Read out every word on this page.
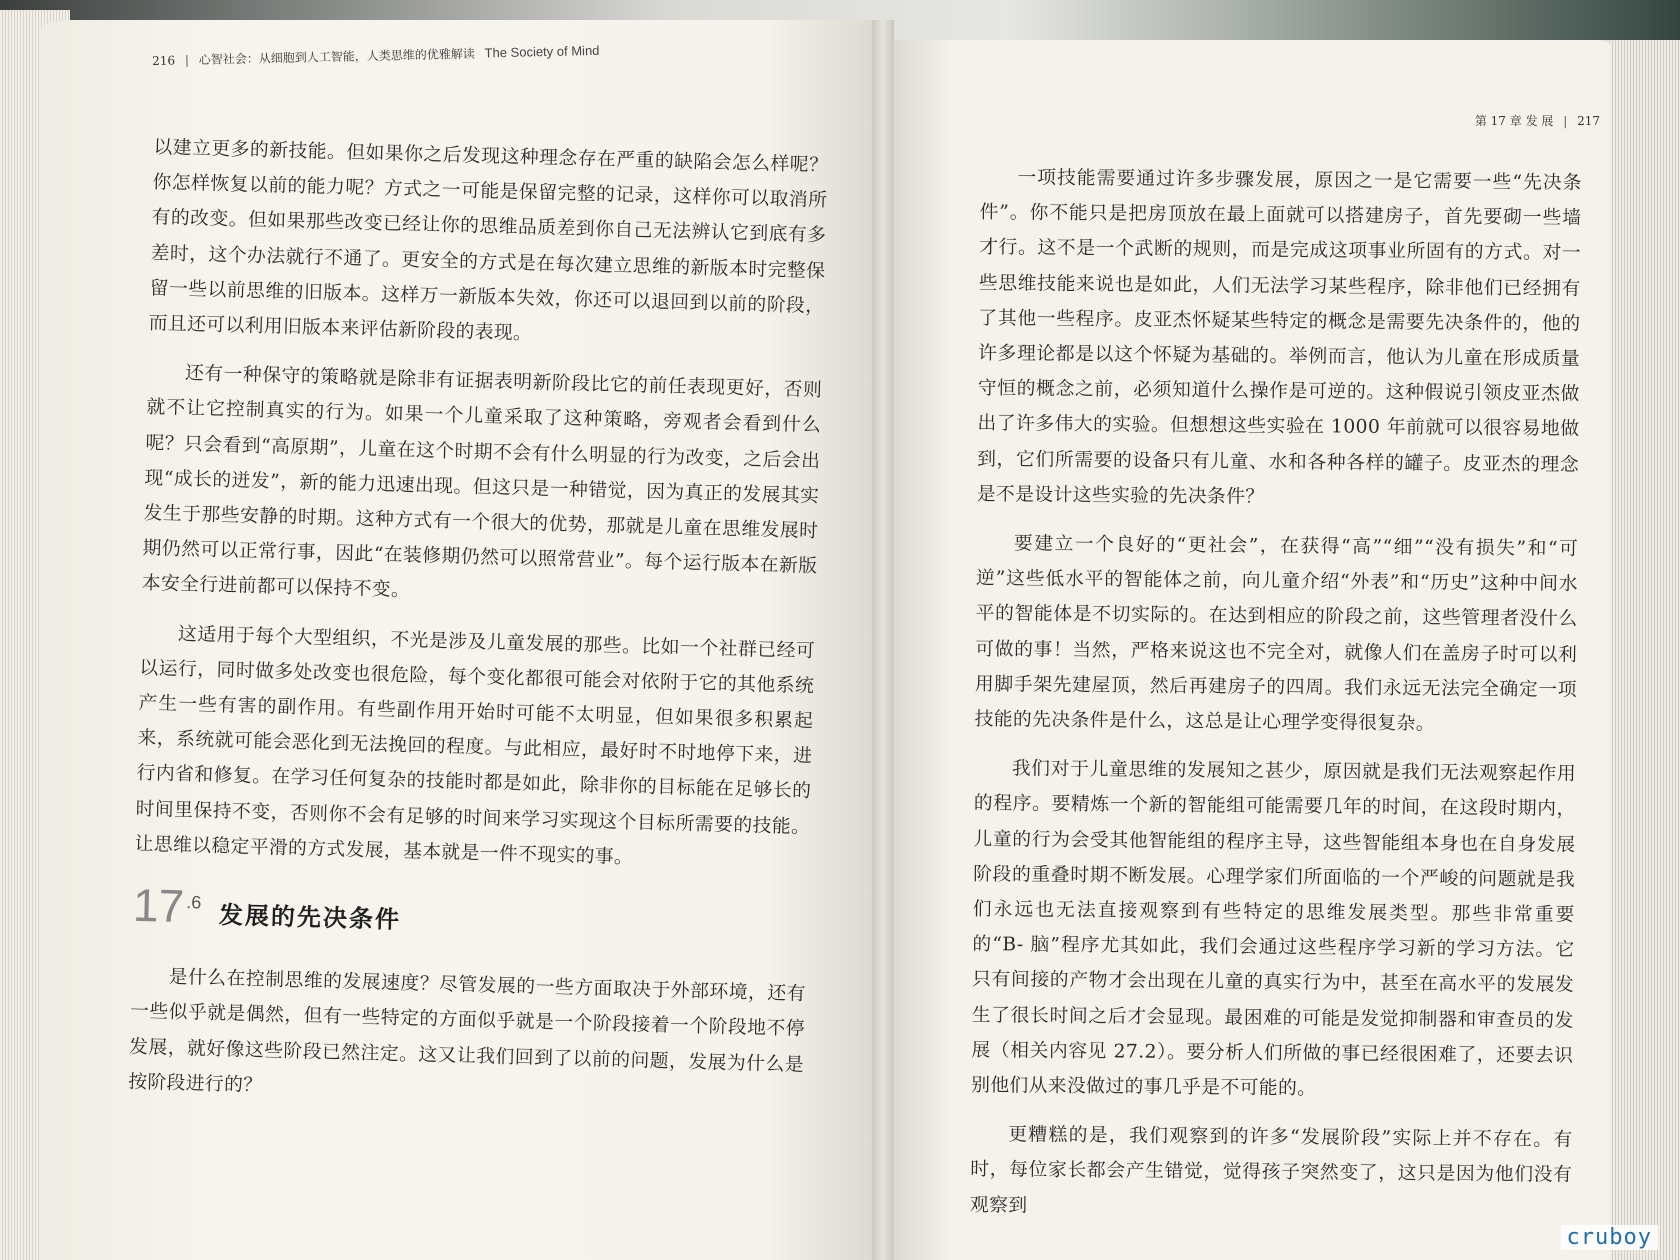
216 | 心智社会：从细胞到人工智能，人类思维的优雅解读 The Society of Mind
第 17 章 发 展 | 217

以建立更多的新技能。但如果你之后发现这种理念存在严重的缺陷会怎么样呢？你怎样恢复以前的能力呢？方式之一可能是保留完整的记录，这样你可以取消所有的改变。但如果那些改变已经让你的思维品质差到你自己无法辨认它到底有多差时，这个办法就行不通了。更安全的方式是在每次建立思维的新版本时完整保留一些以前思维的旧版本。这样万一新版本失效，你还可以退回到以前的阶段，而且还可以利用旧版本来评估新阶段的表现。

还有一种保守的策略就是除非有证据表明新阶段比它的前任表现更好，否则就不让它控制真实的行为。如果一个儿童采取了这种策略，旁观者会看到什么呢？只会看到“高原期”，儿童在这个时期不会有什么明显的行为改变，之后会出现“成长的迸发”，新的能力迅速出现。但这只是一种错觉，因为真正的发展其实发生于那些安静的时期。这种方式有一个很大的优势，那就是儿童在思维发展时期仍然可以正常行事，因此“在装修期仍然可以照常营业”。每个运行版本在新版本安全行进前都可以保持不变。

这适用于每个大型组织，不光是涉及儿童发展的那些。比如一个社群已经可以运行，同时做多处改变也很危险，每个变化都很可能会对依附于它的其他系统产生一些有害的副作用。有些副作用开始时可能不太明显，但如果很多积累起来，系统就可能会恶化到无法挽回的程度。与此相应，最好时不时地停下来，进行内省和修复。在学习任何复杂的技能时都是如此，除非你的目标能在足够长的时间里保持不变，否则你不会有足够的时间来学习实现这个目标所需要的技能。让思维以稳定平滑的方式发展，基本就是一件不现实的事。

17 .6 发展的先决条件

是什么在控制思维的发展速度？尽管发展的一些方面取决于外部环境，还有一些似乎就是偶然，但有一些特定的方面似乎就是一个阶段接着一个阶段地不停发展，就好像这些阶段已然注定。这又让我们回到了以前的问题，发展为什么是按阶段进行的？

一项技能需要通过许多步骤发展，原因之一是它需要一些“先决条件”。你不能只是把房顶放在最上面就可以搭建房子，首先要砌一些墙才行。这不是一个武断的规则，而是完成这项事业所固有的方式。对一些思维技能来说也是如此，人们无法学习某些程序，除非他们已经拥有了其他一些程序。皮亚杰怀疑某些特定的概念是需要先决条件的，他的许多理论都是以这个怀疑为基础的。举例而言，他认为儿童在形成质量守恒的概念之前，必须知道什么操作是可逆的。这种假说引领皮亚杰做出了许多伟大的实验。但想想这些实验在 1000 年前就可以很容易地做到，它们所需要的设备只有儿童、水和各种各样的罐子。皮亚杰的理念是不是设计这些实验的先决条件？

要建立一个良好的“更社会”，在获得“高”“细”“没有损失”和“可逆”这些低水平的智能体之前，向儿童介绍“外表”和“历史”这种中间水平的智能体是不切实际的。在达到相应的阶段之前，这些管理者没什么可做的事！当然，严格来说这也不完全对，就像人们在盖房子时可以利用脚手架先建屋顶，然后再建房子的四周。我们永远无法完全确定一项技能的先决条件是什么，这总是让心理学变得很复杂。

我们对于儿童思维的发展知之甚少，原因就是我们无法观察起作用的程序。要精炼一个新的智能组可能需要几年的时间，在这段时期内，儿童的行为会受其他智能组的程序主导，这些智能组本身也在自身发展阶段的重叠时期不断发展。心理学家们所面临的一个严峻的问题就是我们永远也无法直接观察到有些特定的思维发展类型。那些非常重要的“B- 脑”程序尤其如此，我们会通过这些程序学习新的学习方法。它只有间接的产物才会出现在儿童的真实行为中，甚至在高水平的发展发生了很长时间之后才会显现。最困难的可能是发觉抑制器和审查员的发展（相关内容见 27.2）。要分析人们所做的事已经很困难了，还要去识别他们从来没做过的事几乎是不可能的。

更糟糕的是，我们观察到的许多“发展阶段”实际上并不存在。有时，每位家长都会产生错觉，觉得孩子突然变了，这只是因为他们没有观察到

cruboy
